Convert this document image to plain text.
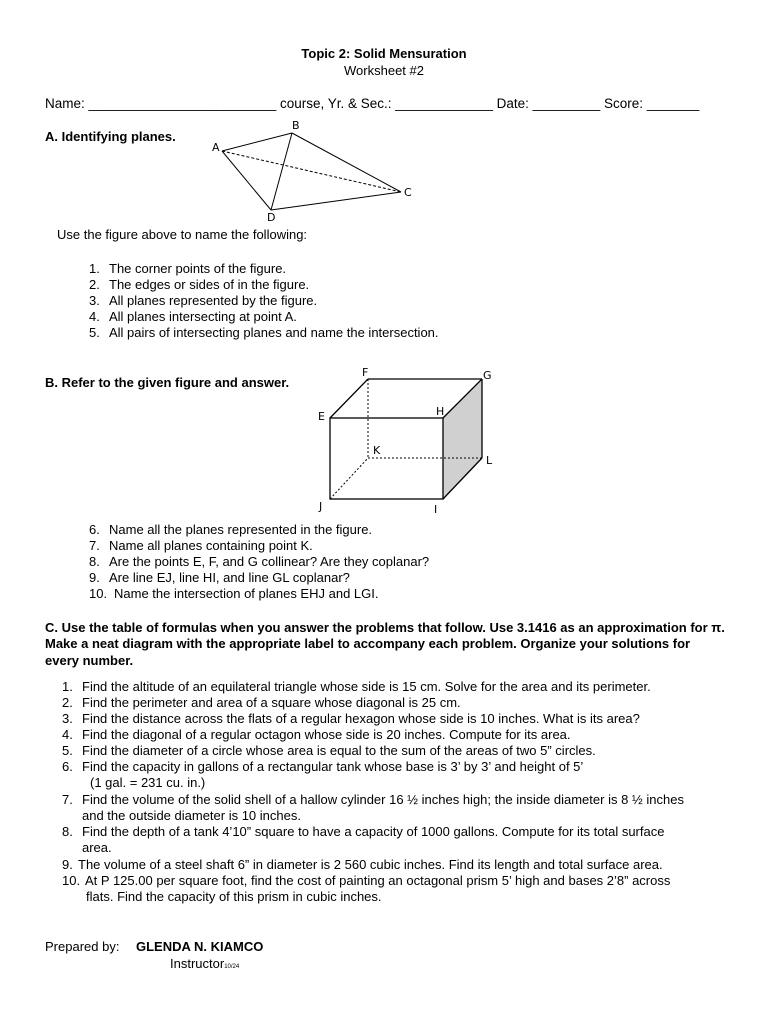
Topic 2: Solid Mensuration
Worksheet #2
Name: _________________________ course, Yr. & Sec.: _____________ Date: _________ Score: _______
A. Identifying planes.
A
B
C
D
Use the figure above to name the following:
1. The corner points of the figure.
2. The edges or sides of in the figure.
3. All planes represented by the figure.
4. All planes intersecting at point A.
5. All pairs of intersecting planes and name the intersection.
B. Refer to the given figure and answer.
E
F	G
H
I
J
K
L
6. Name all the planes represented in the figure.
7. Name all planes containing point K.
8. Are the points E, F, and G collinear? Are they coplanar?
9. Are line EJ, line HI, and line GL coplanar?
10. Name the intersection of planes EHJ and LGI.
C. Use the table of formulas when you answer the problems that follow. Use 3.1416 as an approximation for π. Make a neat diagram with the appropriate label to accompany each problem. Organize your solutions for every number.
1. Find the altitude of an equilateral triangle whose side is 15 cm. Solve for the area and its perimeter.
2. Find the perimeter and area of a square whose diagonal is 25 cm.
3. Find the distance across the flats of a regular hexagon whose side is 10 inches. What is its area?
4. Find the diagonal of a regular octagon whose side is 20 inches. Compute for its area.
5. Find the diameter of a circle whose area is equal to the sum of the areas of two 5” circles.
6. Find the capacity in gallons of a rectangular tank whose base is 3’ by 3’ and height of 5’
(1 gal. = 231 cu. in.)
7. Find the volume of the solid shell of a hallow cylinder 16 ½ inches high; the inside diameter is 8 ½ inches
and the outside diameter is 10 inches.
8. Find the depth of a tank 4’10” square to have a capacity of 1000 gallons. Compute for its total surface
area.
9. The volume of a steel shaft 6” in diameter is 2 560 cubic inches. Find its length and total surface area.
10. At P 125.00 per square foot, find the cost of painting an octagonal prism 5’ high and bases 2’8” across
flats. Find the capacity of this prism in cubic inches.
Prepared by: GLENDA N. KIAMCO
Instructor10/24
